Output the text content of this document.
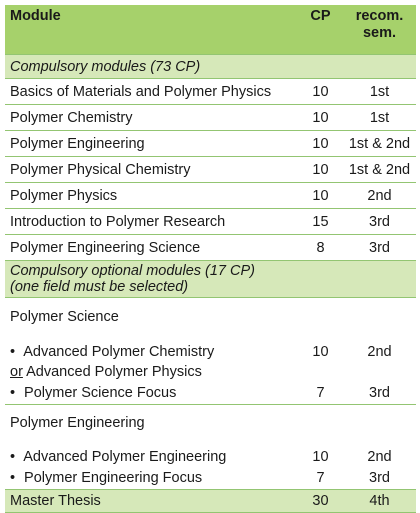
Module	CP	recom.
sem.
Compulsory modules (73 CP)		
Basics of Materials and Polymer Physics	10	1st
Polymer Chemistry	10	1st
Polymer Engineering	10	1st & 2nd
Polymer Physical Chemistry	10	1st & 2nd
Polymer Physics	10	2nd
Introduction to Polymer Research	15	3rd
Polymer Engineering Science	8	3rd
Compulsory optional modules (17 CP)
(one field must be selected)		
Polymer Science		

• Advanced Polymer Chemistry	10	2nd
or Advanced Polymer Physics		
• Polymer Science Focus	7	3rd
Polymer Engineering		

• Advanced Polymer Engineering	10	2nd
• Polymer Engineering Focus	7	3rd
Master Thesis	30	4th
